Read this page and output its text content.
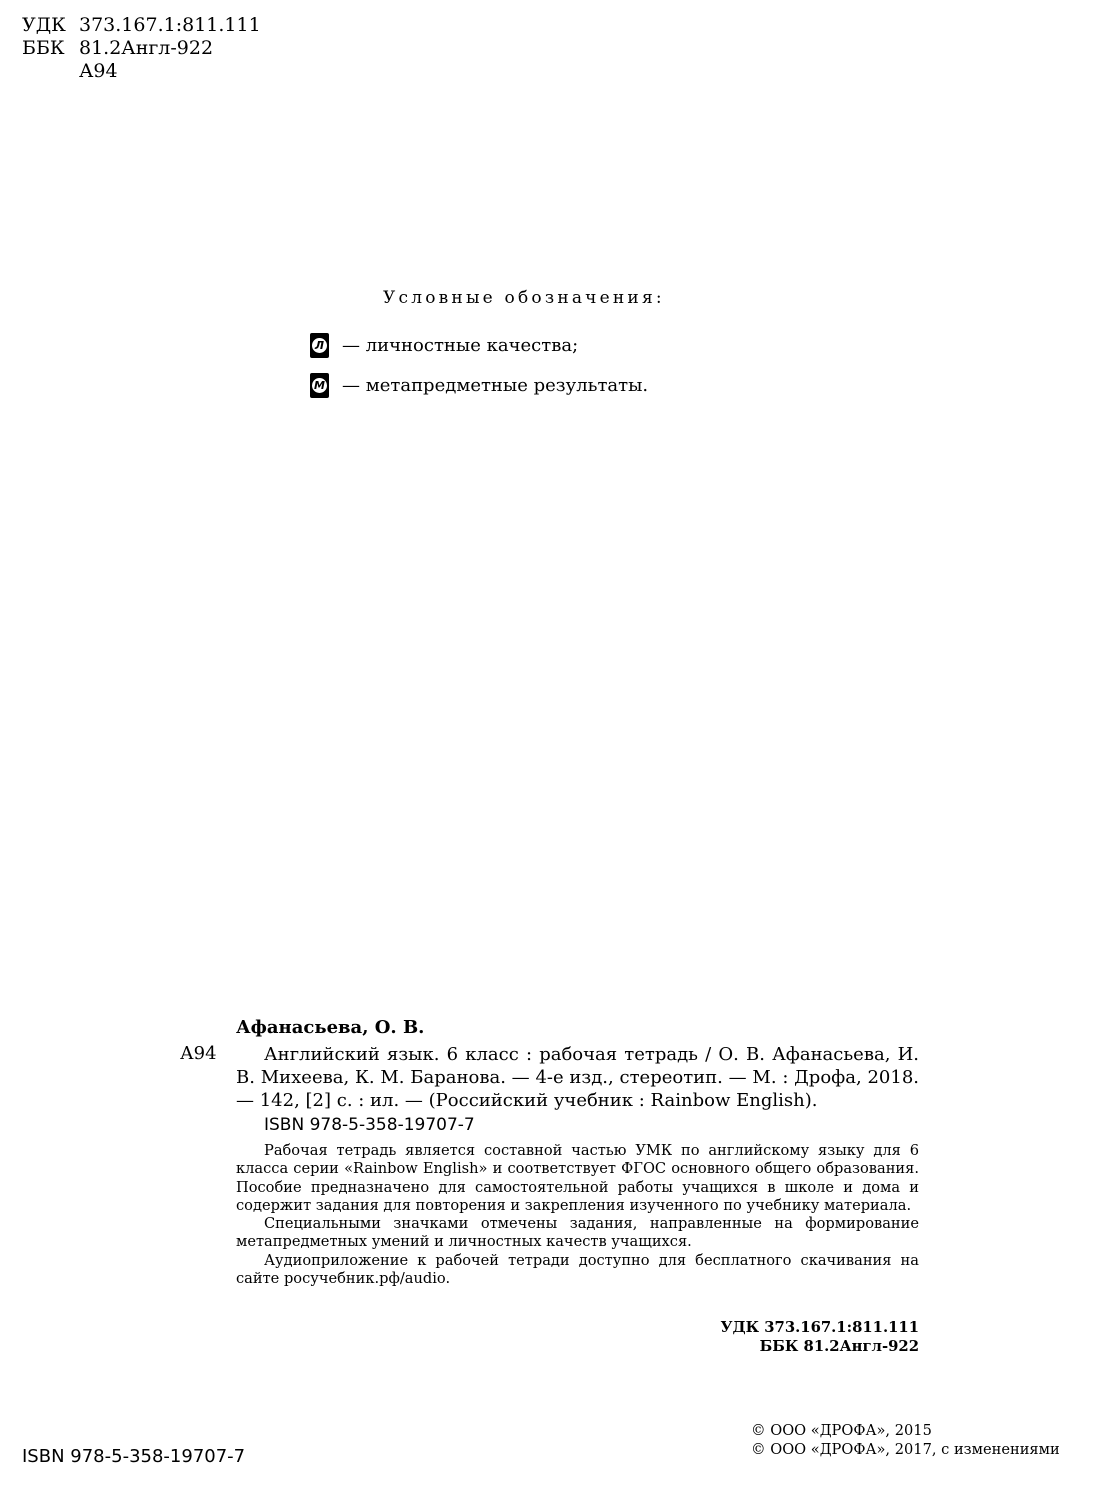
УДК 373.167.1:811.111
ББК 81.2Англ-922
А94
Условные обозначения:
Л — личностные качества;
М — метапредметные результаты.
Афанасьева, О. В.
А94	Английский язык. 6 класс : рабочая тетрадь / О. В. Афанасьева, И. В. Михеева, К. М. Баранова. — 4-е изд., стереотип. — М. : Дрофа, 2018. — 142, [2] с. : ил. — (Российский учебник : Rainbow English).
ISBN 978-5-358-19707-7

Рабочая тетрадь является составной частью УМК по английскому языку для 6 класса серии «Rainbow English» и соответствует ФГОС основного общего образования. Пособие предназначено для самостоятельной работы учащихся в школе и дома и содержит задания для повторения и закрепления изученного по учебнику материала.

Специальными значками отмечены задания, направленные на формирование метапредметных умений и личностных качеств учащихся.

Аудиоприложение к рабочей тетради доступно для бесплатного скачивания на сайте росучебник.рф/audio.

УДК 373.167.1:811.111
ББК 81.2Англ-922
ISBN 978-5-358-19707-7
© ООО «ДРОФА», 2015
© ООО «ДРОФА», 2017, с изменениями
